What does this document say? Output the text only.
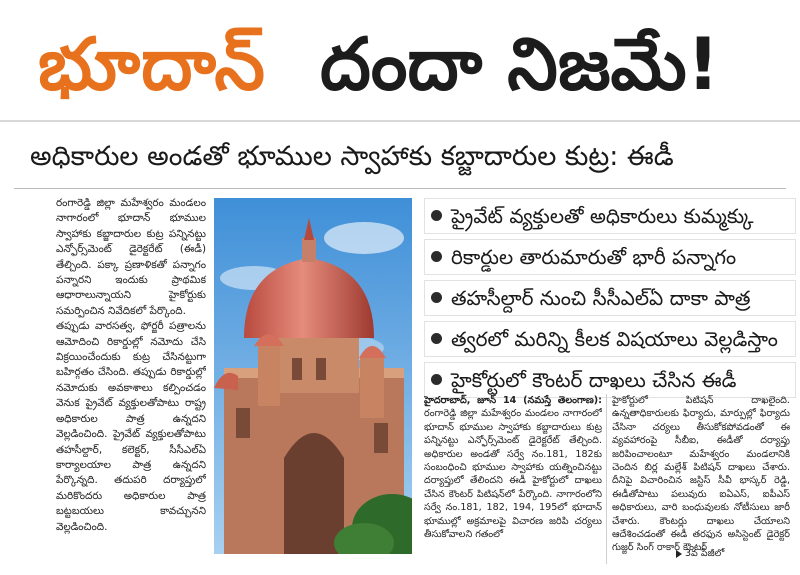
భూదాన్ దందా నిజమే!
అధికారుల అండతో భూముల స్వాహాకు కబ్జాదారుల కుట్ర: ఈడీ

రంగారెడ్డి జిల్లా మహేశ్వరం మండలం నాగారంలో భూదాన్ భూముల స్వాహాకు కబ్జాదారుల కుట్ర పన్నినట్టు ఎన్ఫోర్స్‌మెంట్ డైరెక్టరేట్ (ఈడీ) తేల్చింది. పక్కా ప్రణాళికతో పన్నాగం పన్నారని ఇందుకు ప్రాథమిక ఆధారాలున్నాయని హైకోర్టుకు సమర్పించిన నివేదికలో పేర్కొంది.

తప్పుడు వారసత్వ, ఫోర్జరీ పత్రాలను ఆమోదించి రికార్డుల్లో నమోదు చేసి విక్రయించేందుకు కుట్ర చేసినట్టుగా బహిర్గతం చేసింది. తప్పుడు రికార్డుల్లో నమోదుకు అవకాశాలు కల్పించడం వెనుక ప్రైవేట్ వ్యక్తులతోపాటు రాష్ట్ర అధికారుల పాత్ర ఉన్నదని వెల్లడించింది. ప్రైవేట్ వ్యక్తులతోపాటు తహసీల్దార్, కలెక్టర్, సీసీఎల్ఏ కార్యాలయాల పాత్ర ఉన్నదని పేర్కొన్నది. తదుపరి దర్యాప్తులో మరికొందరు అధికారుల పాత్ర బట్టబయలు కావచ్చునని వెల్లడించింది.

ప్రైవేట్ వ్యక్తులతో అధికారులు కుమ్మక్కు
రికార్డుల తారుమారుతో భారీ పన్నాగం
తహసీల్దార్ నుంచి సీసీఎల్ఏ దాకా పాత్ర
త్వరలో మరిన్ని కీలక విషయాలు వెల్లడిస్తాం
హైకోర్టులో కౌంటర్ దాఖలు చేసిన ఈడీ
హైదరాబాద్‌, జూన్ 14 (నమస్తే తెలంగాణ): రంగారెడ్డి జిల్లా మహేశ్వరం మండలం నాగారంలో భూదాన్ భూముల స్వాహాకు కబ్జాదారులు కుట్ర పన్నినట్టు ఎన్ఫోర్స్‌మెంట్ డైరెక్టరేట్ తేల్చింది. అధికారుల అండతో సర్వే నం.181, 182కు సంబంధించి భూముల స్వాహాకు యత్నించినట్టు దర్యాప్తులో తేలిందని ఈడీ హైకోర్టులో దాఖలు చేసిన కౌంటర్ పిటిషన్‌లో పేర్కొంది. నాగారంలోని సర్వే నం.181, 182, 194, 195లో భూదాన్ భూముల్లో అక్రమాలపై విచారణ జరిపి చర్యలు తీసుకోవాలని గతంలో
హైకోర్టులో పిటిషన్ దాఖలైంది. ఉన్నతాధికారులకు ఫిర్యాదు, మార్పుల్లో ఫిర్యాదు చేసినా చర్యలు తీసుకోకపోవడంతో ఈ వ్యవహారంపై సీబీఐ, ఈడీతో దర్యాప్తు జరిపించాలంటూ మహేశ్వరం మండలానికి చెందిన బిర్ల మల్లేశ్ పిటిషన్ దాఖలు చేశారు. దీనిపై విచారించిన జస్టిస్ సీవీ భాస్కర్ రెడ్డి, ఈడీతోపాటు పలువురు ఐఏఎస్, ఐపీఎస్ అధికారులు, వారి బంధువులకు నోటీసులు జారీ చేశారు. కౌంటర్లు దాఖలు చేయాలని ఆదేశించడంతో ఈడీ తరఫున అసిస్టెంట్ డైరెక్టర్ గుజ్జర్ సింగ్ రాకార్ కౌంటర్
3వ పేజీలో
